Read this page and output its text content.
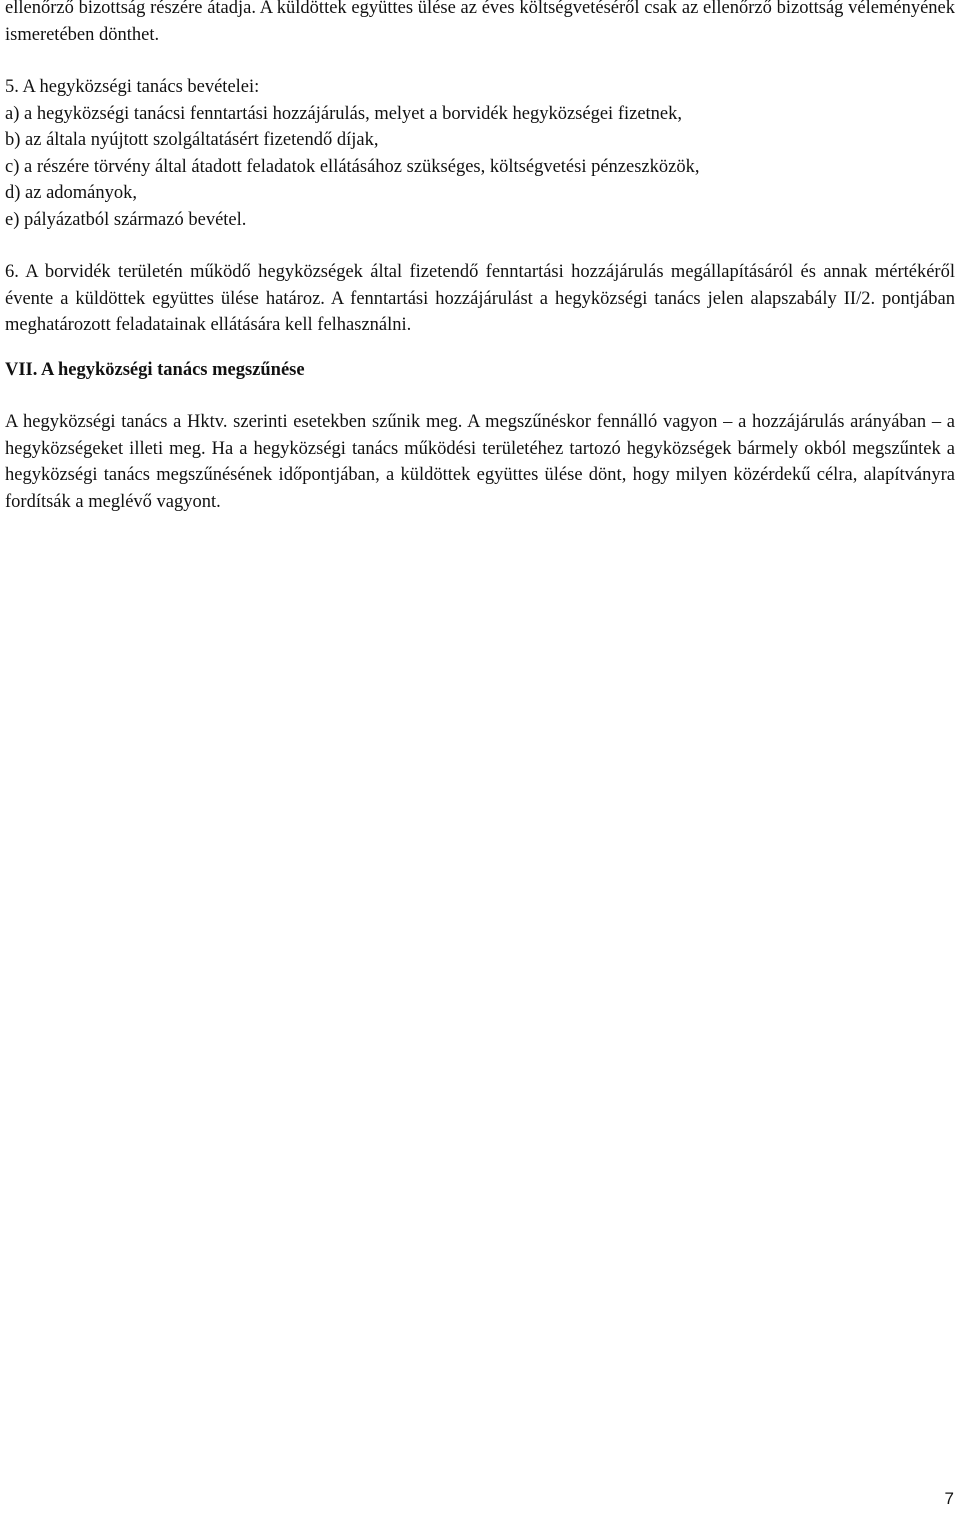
ellenőrző bizottság részére átadja. A küldöttek együttes ülése az éves költségvetéséről csak az ellenőrző bizottság véleményének ismeretében dönthet.

5. A hegyközségi tanács bevételei:

a) a hegyközségi tanácsi fenntartási hozzájárulás, melyet a borvidék hegyközségei fizetnek,

b) az általa nyújtott szolgáltatásért fizetendő díjak,

c) a részére törvény által átadott feladatok ellátásához szükséges, költségvetési pénzeszközök,

d) az adományok,

e) pályázatból származó bevétel.

6. A borvidék területén működő hegyközségek által fizetendő fenntartási hozzájárulás megállapításáról és annak mértékéről évente a küldöttek együttes ülése határoz. A fenntartási hozzájárulást a hegyközségi tanács jelen alapszabály II/2. pontjában meghatározott feladatainak ellátására kell felhasználni.

VII. A hegyközségi tanács megszűnése

A hegyközségi tanács a Hktv. szerinti esetekben szűnik meg. A megszűnéskor fennálló vagyon – a hozzájárulás arányában – a hegyközségeket illeti meg. Ha a hegyközségi tanács működési területéhez tartozó hegyközségek bármely okból megszűntek a hegyközségi tanács megszűnésének időpontjában, a küldöttek együttes ülése dönt, hogy milyen közérdekű célra, alapítványra fordítsák a meglévő vagyont.

7
